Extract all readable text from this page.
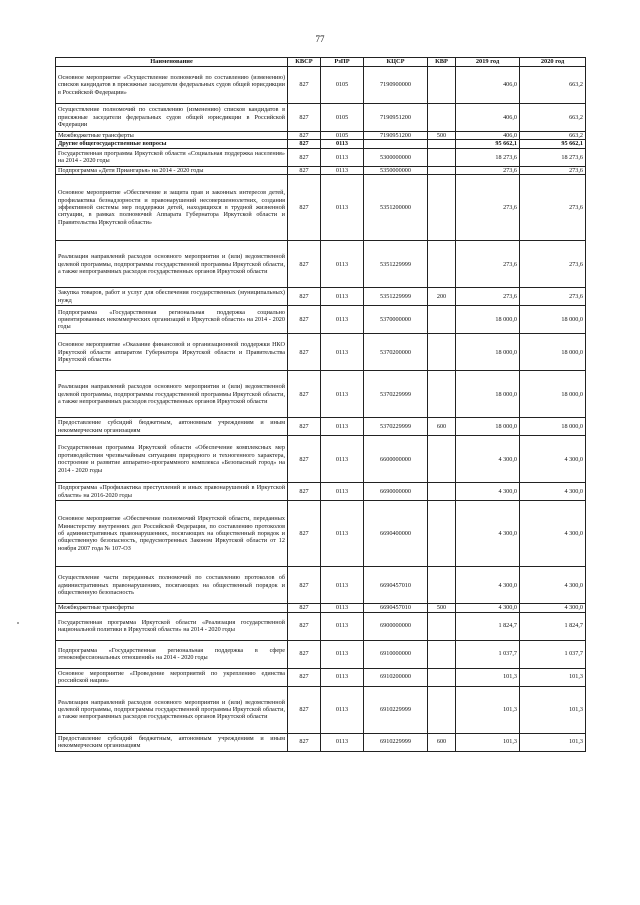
77
Наименование	КВСР	РзПР	КЦСР	КВР	2019 год	2020 год
Основное мероприятие «Осуществление полномочий по составлению (изменению) списков кандидатов в присяжные заседатели федеральных судов общей юрисдикции в Российской Федерации»	827	0105	7190900000		406,0	663,2
Осуществление полномочий по составлению (изменению) списков кандидатов в присяжные заседатели федеральных судов общей юрисдикции в Российской Федерации	827	0105	7190951200		406,0	663,2
Межбюджетные трансферты	827	0105	7190951200	500	406,0	663,2
Другие общегосударственные вопросы	827	0113			95 662,1	95 662,1
Государственная программа Иркутской области «Социальная поддержка населения» на 2014 - 2020 годы	827	0113	5300000000		18 273,6	18 273,6
Подпрограмма «Дети Приангарья» на 2014 - 2020 годы	827	0113	5350000000		273,6	273,6
Основное мероприятие «Обеспечение и защита прав и законных интересов детей, профилактика безнадзорности и правонарушений несовершеннолетних, создания эффективной системы мер поддержки детей, находящихся в трудной жизненной ситуации, в рамках полномочий Аппарата Губернатора Иркутской области и Правительства Иркутской области»	827	0113	5351200000		273,6	273,6
Реализация направлений расходов основного мероприятия и (или) ведомственной целевой программы, подпрограммы государственной программы Иркутской области, а также непрограммных расходов государственных органов Иркутской области	827	0113	5351229999		273,6	273,6
Закупка товаров, работ и услуг для обеспечения государственных (муниципальных) нужд	827	0113	5351229999	200	273,6	273,6
Подпрограмма «Государственная региональная поддержка социально ориентированных некоммерческих организаций в Иркутской области» на 2014 - 2020 годы	827	0113	5370000000		18 000,0	18 000,0
Основное мероприятие «Оказание финансовой и организационной поддержки НКО Иркутской области аппаратом Губернатора Иркутской области и Правительства Иркутской области»	827	0113	5370200000		18 000,0	18 000,0
Реализация направлений расходов основного мероприятия и (или) ведомственной целевой программы, подпрограммы государственной программы Иркутской области, а также непрограммных расходов государственных органов Иркутской области	827	0113	5370229999		18 000,0	18 000,0
Предоставление субсидий бюджетным, автономным учреждениям и иным некоммерческим организациям	827	0113	5370229999	600	18 000,0	18 000,0
Государственная программа Иркутской области «Обеспечение комплексных мер противодействия чрезвычайным ситуациям природного и техногенного характера, построение и развитие аппаратно-программного комплекса «Безопасный город» на 2014 - 2020 годы	827	0113	6600000000		4 300,0	4 300,0
Подпрограмма «Профилактика преступлений и иных правонарушений в Иркутской области» на 2016-2020 годы	827	0113	6690000000		4 300,0	4 300,0
Основное мероприятие «Обеспечение полномочий Иркутской области, переданных Министерству внутренних дел Российской Федерации, по составлению протоколов об административных правонарушениях, посягающих на общественный порядок и общественную безопасность, предусмотренных Законом Иркутской области от 12 ноября 2007 года № 107-ОЗ	827	0113	6690400000		4 300,0	4 300,0
Осуществление части переданных полномочий по составлению протоколов об административных правонарушениях, посягающих на общественный порядок и общественную безопасность	827	0113	6690457010		4 300,0	4 300,0
Межбюджетные трансферты	827	0113	6690457010	500	4 300,0	4 300,0
Государственная программа Иркутской области «Реализация государственной национальной политики в Иркутской области» на 2014 - 2020 годы	827	0113	6900000000		1 824,7	1 824,7
Подпрограмма «Государственная региональная поддержка в сфере этноконфессиональных отношений» на 2014 - 2020 годы	827	0113	6910000000		1 037,7	1 037,7
Основное мероприятие «Проведение мероприятий по укреплению единства российской нации»	827	0113	6910200000		101,3	101,3
Реализация направлений расходов основного мероприятия и (или) ведомственной целевой программы, подпрограммы государственной программы Иркутской области, а также непрограммных расходов государственных органов Иркутской области	827	0113	6910229999		101,3	101,3
Предоставление субсидий бюджетным, автономным учреждениям и иным некоммерческим организациям	827	0113	6910229999	600	101,3	101,3
